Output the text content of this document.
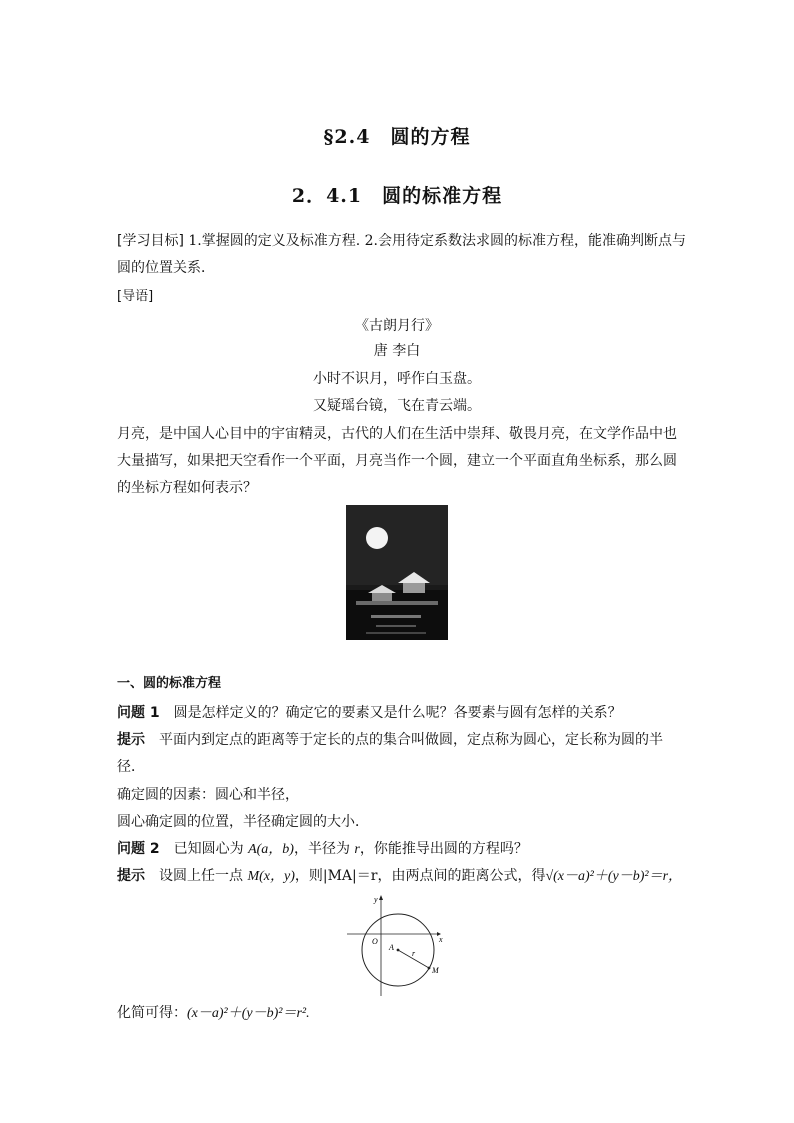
§2.4　圆的方程
2．4.1　圆的标准方程
[学习目标] 1.掌握圆的定义及标准方程. 2.会用待定系数法求圆的标准方程，能准确判断点与
圆的位置关系．
[导语]
《古朗月行》
唐 李白
小时不识月，呼作白玉盘。
又疑瑶台镜，飞在青云端。
月亮，是中国人心目中的宇宙精灵，古代的人们在生活中崇拜、敬畏月亮，在文学作品中也
大量描写，如果把天空看作一个平面，月亮当作一个圆，建立一个平面直角坐标系，那么圆
的坐标方程如何表示？
一、圆的标准方程
问题 1　 圆是怎样定义的？确定它的要素又是什么呢？各要素与圆有怎样的关系？
提示　 平面内到定点的距离等于定长的点的集合叫做圆，定点称为圆心，定长称为圆的半
径．
确定圆的因素：圆心和半径，
圆心确定圆的位置，半径确定圆的大小．
问题 2　 已知圆心为 A(a，b)，半径为 r，你能推导出圆的方程吗？
提示　 设圆上任一点 M(x，y)，则|MA|＝r，由两点间的距离公式，得√(x－a)²＋(y－b)²＝r，
y
x
O
A
r
M
化简可得：(x－a)²＋(y－b)²＝r².
